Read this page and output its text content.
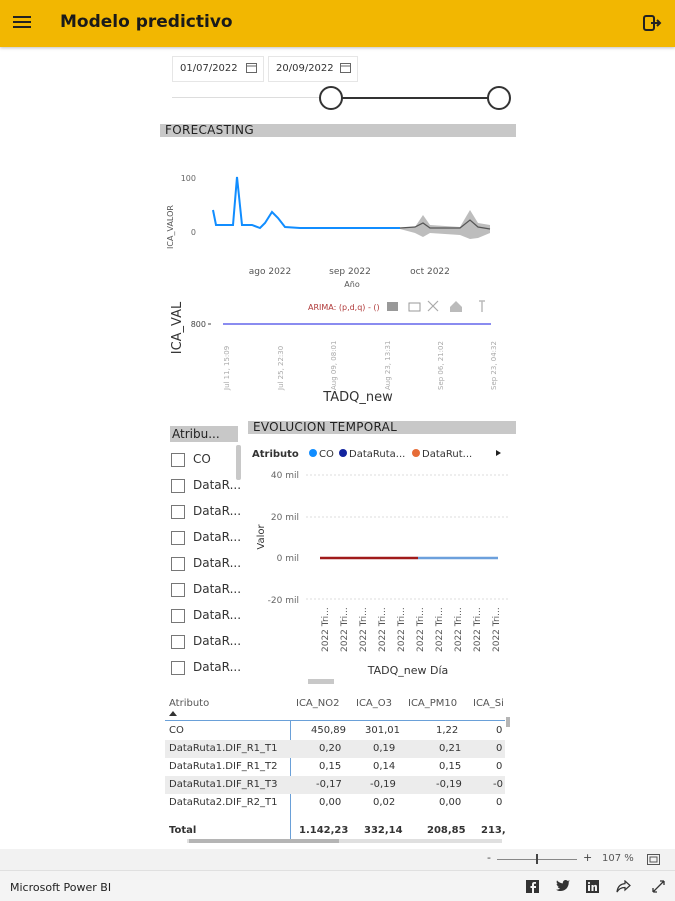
Modelo predictivo
01/07/2022	20/09/2022
FORECASTING
ICA_VALOR
100
0
ago 2022	sep 2022	oct 2022
Año
ICA_VAL 800
ARIMA: (p,d,q) - ()
Jul 11, 15:09	Jul 25, 22:30	Aug 09, 08:01	Aug 23, 13:31	Sep 06, 21:02	Sep 23, 04:32
TADQ_new
Atribu...
CO
DataR...
DataR...
DataR...
DataR...
DataR...
DataR...
DataR...
DataR...
EVOLUCION TEMPORAL
Atributo CO DataRuta... DataRut...
Valor
40 mil
20 mil
0 mil
-20 mil
2022 Tri... 2022 Tri... 2022 Tri... 2022 Tri... 2022 Tri... 2022 Tri... 2022 Tri... 2022 Tri... 2022 Tri... 2022 Tri...
TADQ_new Día
Atributo	ICA_NO2 ICA_O3 ICA_PM10 ICA_Si
CO	450,89 301,01	1,22	0
DataRuta1.DIF_R1_T1	0,20	0,19	0,21	0
DataRuta1.DIF_R1_T2	0,15	0,14	0,15	0
DataRuta1.DIF_R1_T3	-0,17	-0,19	-0,19	-0
DataRuta2.DIF_R2_T1	0,00	0,02	0,00	0
Total	1.142,23 332,14 208,85 213,
-	+ 107 %
Microsoft Power BI
